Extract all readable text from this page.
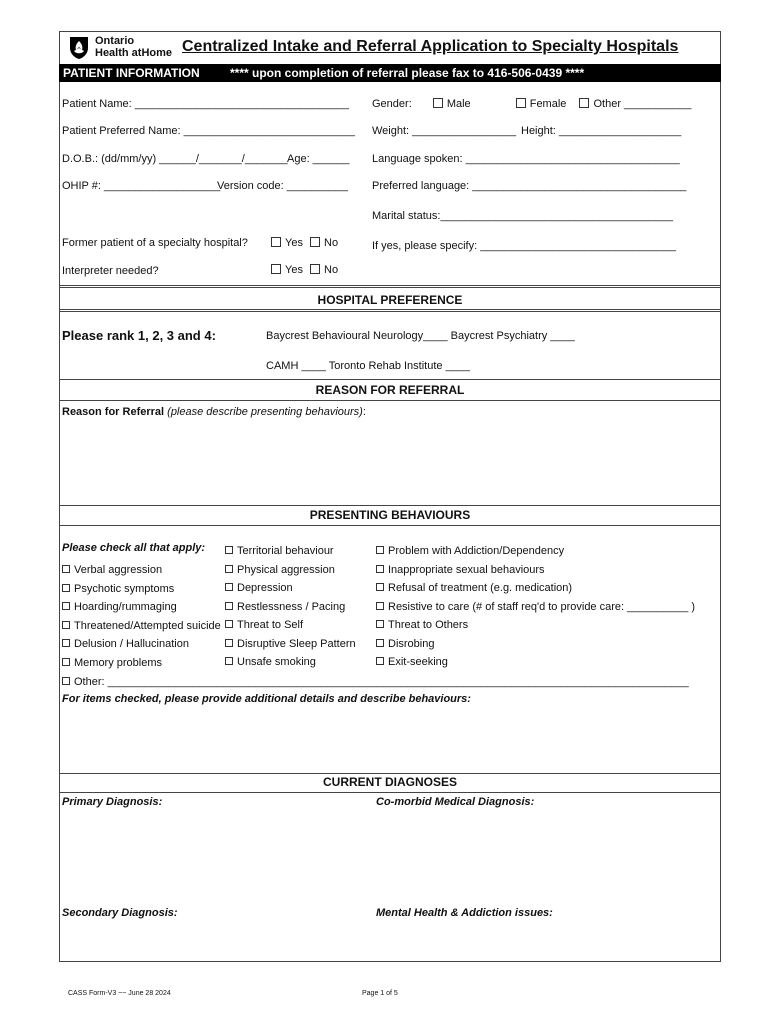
Ontario
Health atHome Centralized Intake and Referral Application to Specialty Hospitals
PATIENT INFORMATION	**** upon completion of referral please fax to 416-506-0439 ****
Patient Name: ___________________________________
Patient Preferred Name: ____________________________
D.O.B.: (dd/mm/yy) ______/_______/_______ Age: ______
OHIP #: ___________________
Version code: __________
Former patient of a specialty hospital?	Yes No
Interpreter needed?	Yes No
Gender:	Male	Female Other ___________
Weight: _________________ Height: ____________________
Language spoken: ___________________________________
Preferred language: ___________________________________
Marital status:______________________________________
If yes, please specify: ________________________________
HOSPITAL PREFERENCE
Please rank 1, 2, 3 and 4:	Baycrest Behavioural Neurology____ Baycrest Psychiatry ____
CAMH ____ Toronto Rehab Institute ____
REASON FOR REFERRAL
Reason for Referral (please describe presenting behaviours):
PRESENTING BEHAVIOURS
Please check all that apply:
Verbal aggression
Psychotic symptoms
Hoarding/rummaging
Threatened/Attempted suicide
Delusion / Hallucination
Memory problems
Territorial behaviour
Physical aggression
Depression
Restlessness / Pacing
Threat to Self
Disruptive Sleep Pattern
Unsafe smoking
Problem with Addiction/Dependency
Inappropriate sexual behaviours
Refusal of treatment (e.g. medication)
Resistive to care (# of staff req'd to provide care: __________ )
Threat to Others
Disrobing
Exit-seeking
Other: _______________________________________________________________________________________________
For items checked, please provide additional details and describe behaviours:
CURRENT DIAGNOSES
Primary Diagnosis:	Co-morbid Medical Diagnosis:
Secondary Diagnosis:	Mental Health & Addiction issues:
CASS Form-V3 ~~ June 28 2024	Page 1 of 5
